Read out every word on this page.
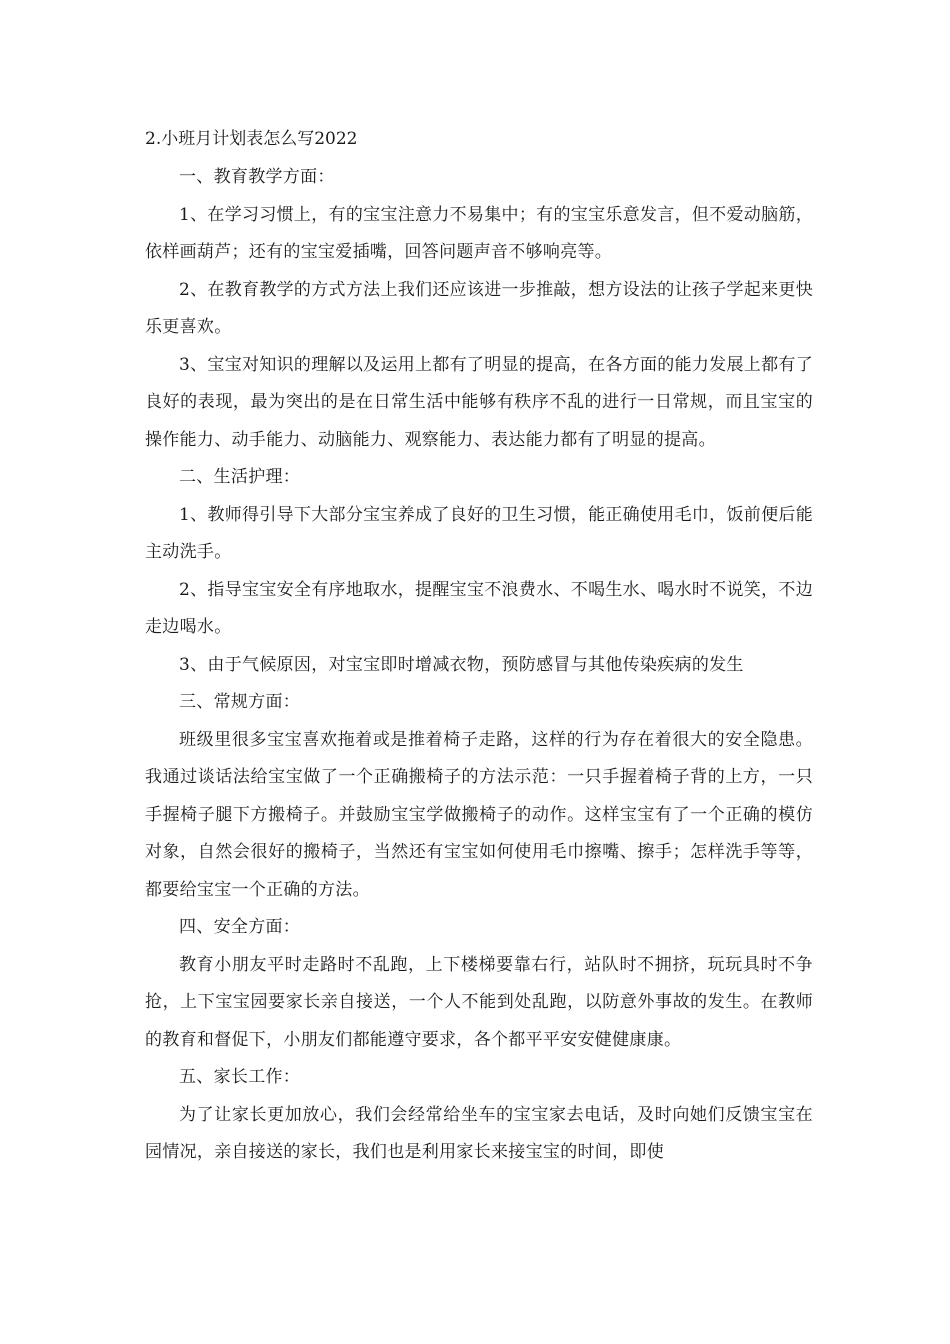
2.小班月计划表怎么写2022

一、教育教学方面：

1、在学习习惯上，有的宝宝注意力不易集中；有的宝宝乐意发言，但不爱动脑筋，依样画葫芦；还有的宝宝爱插嘴，回答问题声音不够响亮等。

2、在教育教学的方式方法上我们还应该进一步推敲，想方设法的让孩子学起来更快乐更喜欢。

3、宝宝对知识的理解以及运用上都有了明显的提高，在各方面的能力发展上都有了良好的表现，最为突出的是在日常生活中能够有秩序不乱的进行一日常规，而且宝宝的操作能力、动手能力、动脑能力、观察能力、表达能力都有了明显的提高。

二、生活护理：

1、教师得引导下大部分宝宝养成了良好的卫生习惯，能正确使用毛巾，饭前便后能主动洗手。

2、指导宝宝安全有序地取水，提醒宝宝不浪费水、不喝生水、喝水时不说笑，不边走边喝水。

3、由于气候原因，对宝宝即时增减衣物，预防感冒与其他传染疾病的发生

三、常规方面：

班级里很多宝宝喜欢拖着或是推着椅子走路，这样的行为存在着很大的安全隐患。我通过谈话法给宝宝做了一个正确搬椅子的方法示范：一只手握着椅子背的上方，一只手握椅子腿下方搬椅子。并鼓励宝宝学做搬椅子的动作。这样宝宝有了一个正确的模仿对象，自然会很好的搬椅子，当然还有宝宝如何使用毛巾擦嘴、擦手；怎样洗手等等，都要给宝宝一个正确的方法。

四、安全方面：

教育小朋友平时走路时不乱跑，上下楼梯要靠右行，站队时不拥挤，玩玩具时不争抢，上下宝宝园要家长亲自接送，一个人不能到处乱跑，以防意外事故的发生。在教师的教育和督促下，小朋友们都能遵守要求，各个都平平安安健健康康。

五、家长工作：

为了让家长更加放心，我们会经常给坐车的宝宝家去电话，及时向她们反馈宝宝在园情况，亲自接送的家长，我们也是利用家长来接宝宝的时间，即使
